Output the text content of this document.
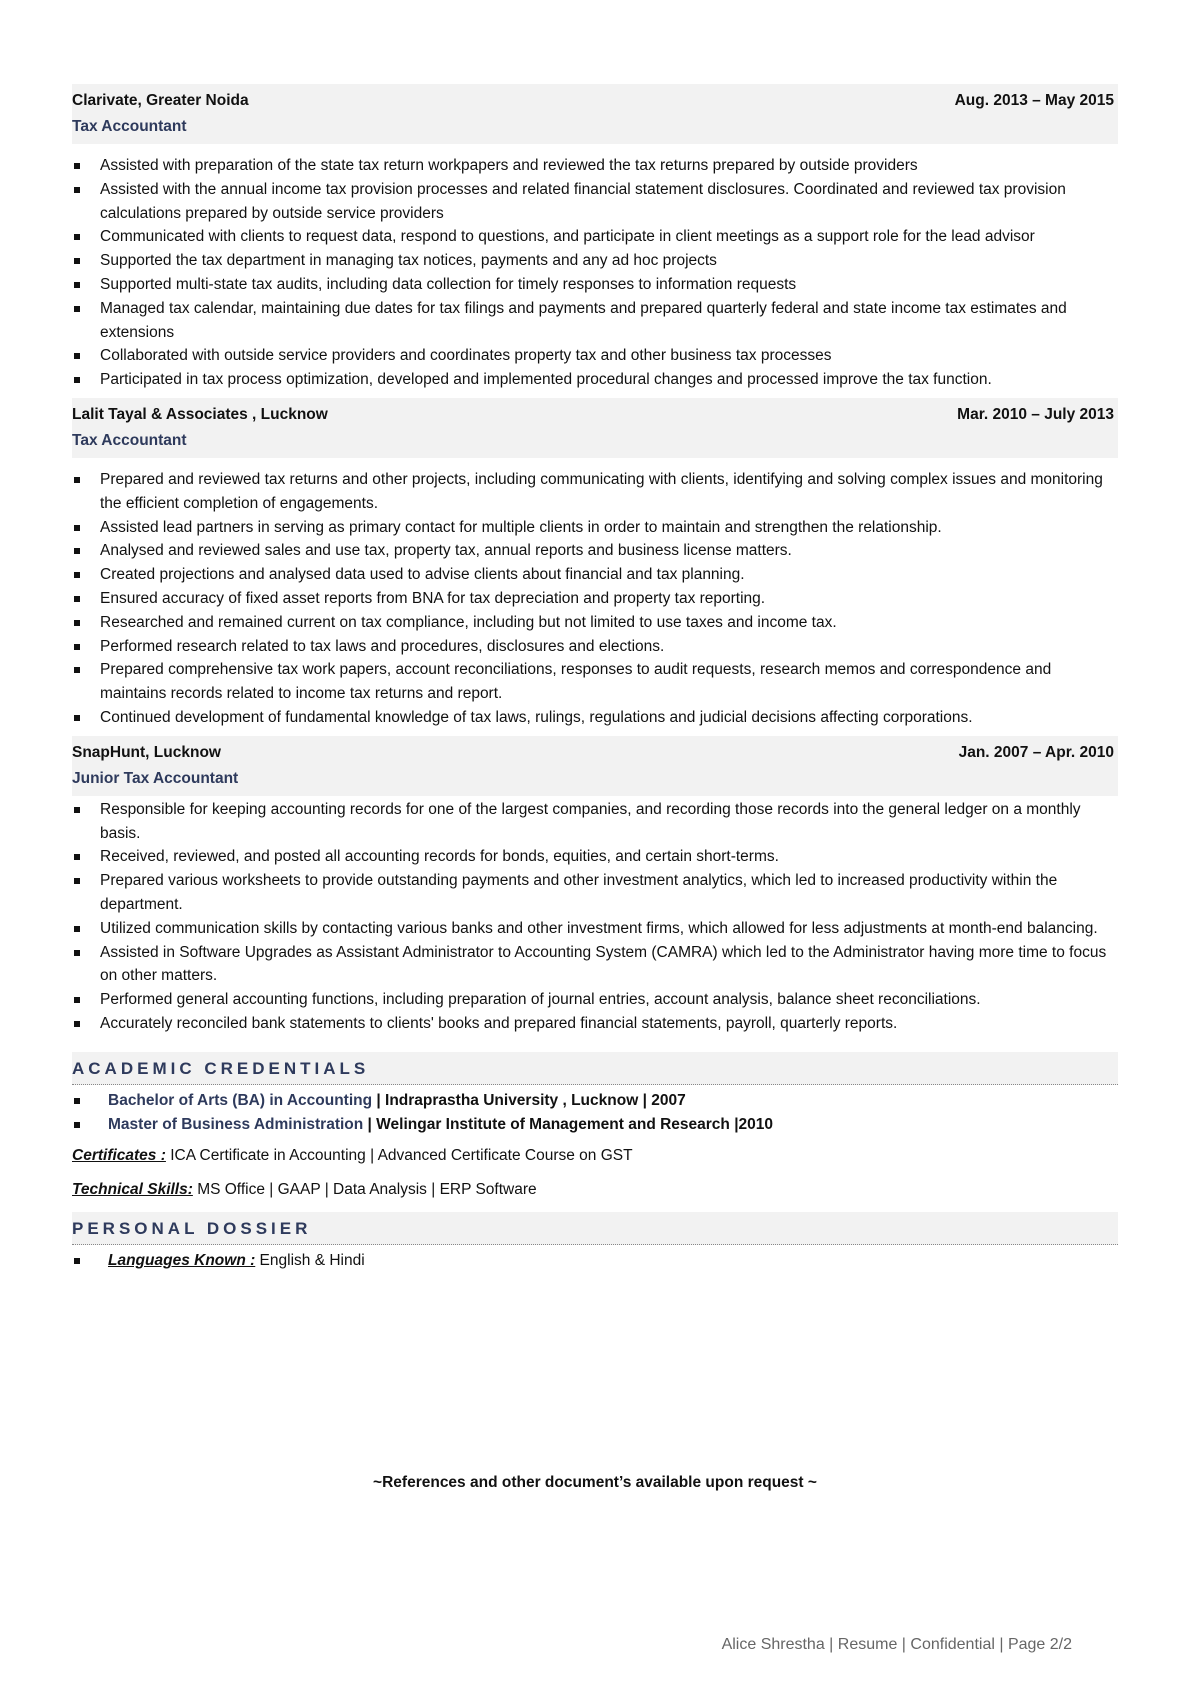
Clarivate, Greater Noida	Aug. 2013 – May 2015
Tax Accountant
Assisted with preparation of the state tax return workpapers and reviewed the tax returns prepared by outside providers
Assisted with the annual income tax provision processes and related financial statement disclosures. Coordinated and reviewed tax provision calculations prepared by outside service providers
Communicated with clients to request data, respond to questions, and participate in client meetings as a support role for the lead advisor
Supported the tax department in managing tax notices, payments and any ad hoc projects
Supported multi-state tax audits, including data collection for timely responses to information requests
Managed tax calendar, maintaining due dates for tax filings and payments and prepared quarterly federal and state income tax estimates and extensions
Collaborated with outside service providers and coordinates property tax and other business tax processes
Participated in tax process optimization, developed and implemented procedural changes and processed improve the tax function.
Lalit Tayal & Associates , Lucknow	Mar. 2010 – July 2013
Tax Accountant
Prepared and reviewed tax returns and other projects, including communicating with clients, identifying and solving complex issues and monitoring the efficient completion of engagements.
Assisted lead partners in serving as primary contact for multiple clients in order to maintain and strengthen the relationship.
Analysed and reviewed sales and use tax, property tax, annual reports and business license matters.
Created projections and analysed data used to advise clients about financial and tax planning.
Ensured accuracy of fixed asset reports from BNA for tax depreciation and property tax reporting.
Researched and remained current on tax compliance, including but not limited to use taxes and income tax.
Performed research related to tax laws and procedures, disclosures and elections.
Prepared comprehensive tax work papers, account reconciliations, responses to audit requests, research memos and correspondence and maintains records related to income tax returns and report.
Continued development of fundamental knowledge of tax laws, rulings, regulations and judicial decisions affecting corporations.
SnapHunt, Lucknow	Jan. 2007 – Apr. 2010
Junior Tax Accountant
Responsible for keeping accounting records for one of the largest companies, and recording those records into the general ledger on a monthly basis.
Received, reviewed, and posted all accounting records for bonds, equities, and certain short-terms.
Prepared various worksheets to provide outstanding payments and other investment analytics, which led to increased productivity within the department.
Utilized communication skills by contacting various banks and other investment firms, which allowed for less adjustments at month-end balancing.
Assisted in Software Upgrades as Assistant Administrator to Accounting System (CAMRA) which led to the Administrator having more time to focus on other matters.
Performed general accounting functions, including preparation of journal entries, account analysis, balance sheet reconciliations.
Accurately reconciled bank statements to clients' books and prepared financial statements, payroll, quarterly reports.
ACADEMIC CREDENTIALS
Bachelor of Arts (BA) in Accounting | Indraprastha University , Lucknow | 2007
Master of Business Administration | Welingar Institute of Management and Research |2010
Certificates : ICA Certificate in Accounting | Advanced Certificate Course on GST
Technical Skills: MS Office | GAAP | Data Analysis | ERP Software
PERSONAL DOSSIER
Languages Known : English & Hindi
~References and other document’s available upon request ~
Alice Shrestha | Resume | Confidential | Page 2/2
